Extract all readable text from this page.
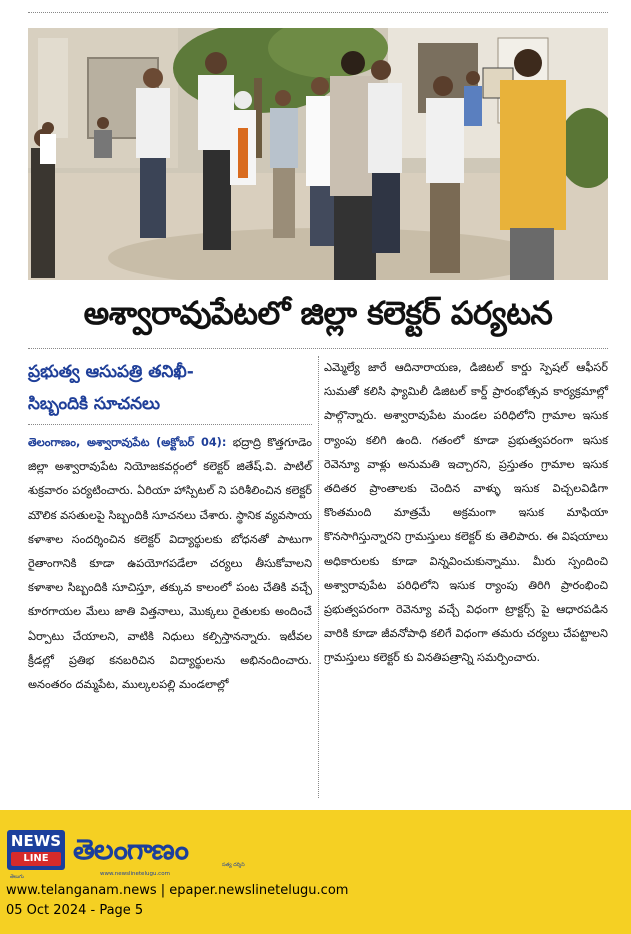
అశ్వారావుపేటలో జిల్లా కలెక్టర్ పర్యటన
ప్రభుత్వ ఆసుపత్రి తనిఖీ-
సిబ్బందికి సూచనలు

తెలంగాణం, అశ్వారావుపేట (అక్టోబర్ 04): భద్రాద్రి కొత్తగూడెం జిల్లా అశ్వారావుపేట నియోజకవర్గంలో కలెక్టర్ జితేష్.వి. పాటిల్ శుక్రవారం పర్యటించారు. ఏరియా హాస్పిటల్ ని పరిశీలించిన కలెక్టర్ మౌలిక వసతులపై సిబ్బందికి సూచనలు చేశారు. స్థానిక వ్యవసాయ కళాశాల సందర్శించిన కలెక్టర్ విద్యార్థులకు బోధనతో పాటుగా రైతాంగానికి కూడా ఉపయోగపడేలా చర్యలు తీసుకోవాలని కళాశాల సిబ్బందికి సూచిస్తూ, తక్కువ కాలంలో పంట చేతికి వచ్చే కూరగాయల మేలు జాతి విత్తనాలు, మొక్కలు రైతులకు అందించే ఏర్పాటు చేయాలని, వాటికి నిధులు కల్పిస్తానన్నారు. ఇటీవల క్రీడల్లో ప్రతిభ కనబరిచిన విద్యార్థులను అభినందించారు. అనంతరం దమ్మపేట, ముల్కలపల్లి మండలాల్లో

ఎమ్మెల్యే జారే ఆదినారాయణ, డిజిటల్ కార్డు స్పెషల్ ఆఫీసర్ సుమతో కలిసి ఫ్యామిలీ డిజిటల్ కార్డ్ ప్రారంభోత్సవ కార్యక్రమాల్లో పాల్గొన్నారు. అశ్వారావుపేట మండల పరిధిలోని గ్రామాల ఇసుక ర్యాంపు కలిగి ఉంది. గతంలో కూడా ప్రభుత్వపరంగా ఇసుక రెవెన్యూ వాళ్లు అనుమతి ఇచ్చారని, ప్రస్తుతం గ్రామాల ఇసుక తదితర ప్రాంతాలకు చెందిన వాళ్ళు ఇసుక విచ్చలవిడిగా కొంతమంది మాత్రమే అక్రమంగా ఇసుక మాఫియా కొనసాగిస్తున్నారని గ్రామస్తులు కలెక్టర్ కు తెలిపారు. ఈ విషయాలు అధికారులకు కూడా విన్నవించుకున్నాము. మీరు స్పందించి అశ్వారావుపేట పరిధిలోని ఇసుక ర్యాంపు తిరిగి ప్రారంభించి ప్రభుత్వపరంగా రెవెన్యూ వచ్చే విధంగా ట్రాక్టర్స్ పై ఆధారపడిన వారికి కూడా జీవనోపాధి కలిగే విధంగా తమరు చర్యలు చేపట్టాలని గ్రామస్తులు కలెక్టర్ కు వినతిపత్రాన్ని సమర్పించారు.

NEWS
LINE తెలంగాణం
తెలుగు
సత్య దర్శిని
www.newslinetelugu.com
www.telanganam.news | epaper.newslinetelugu.com
05 Oct 2024 - Page 5
